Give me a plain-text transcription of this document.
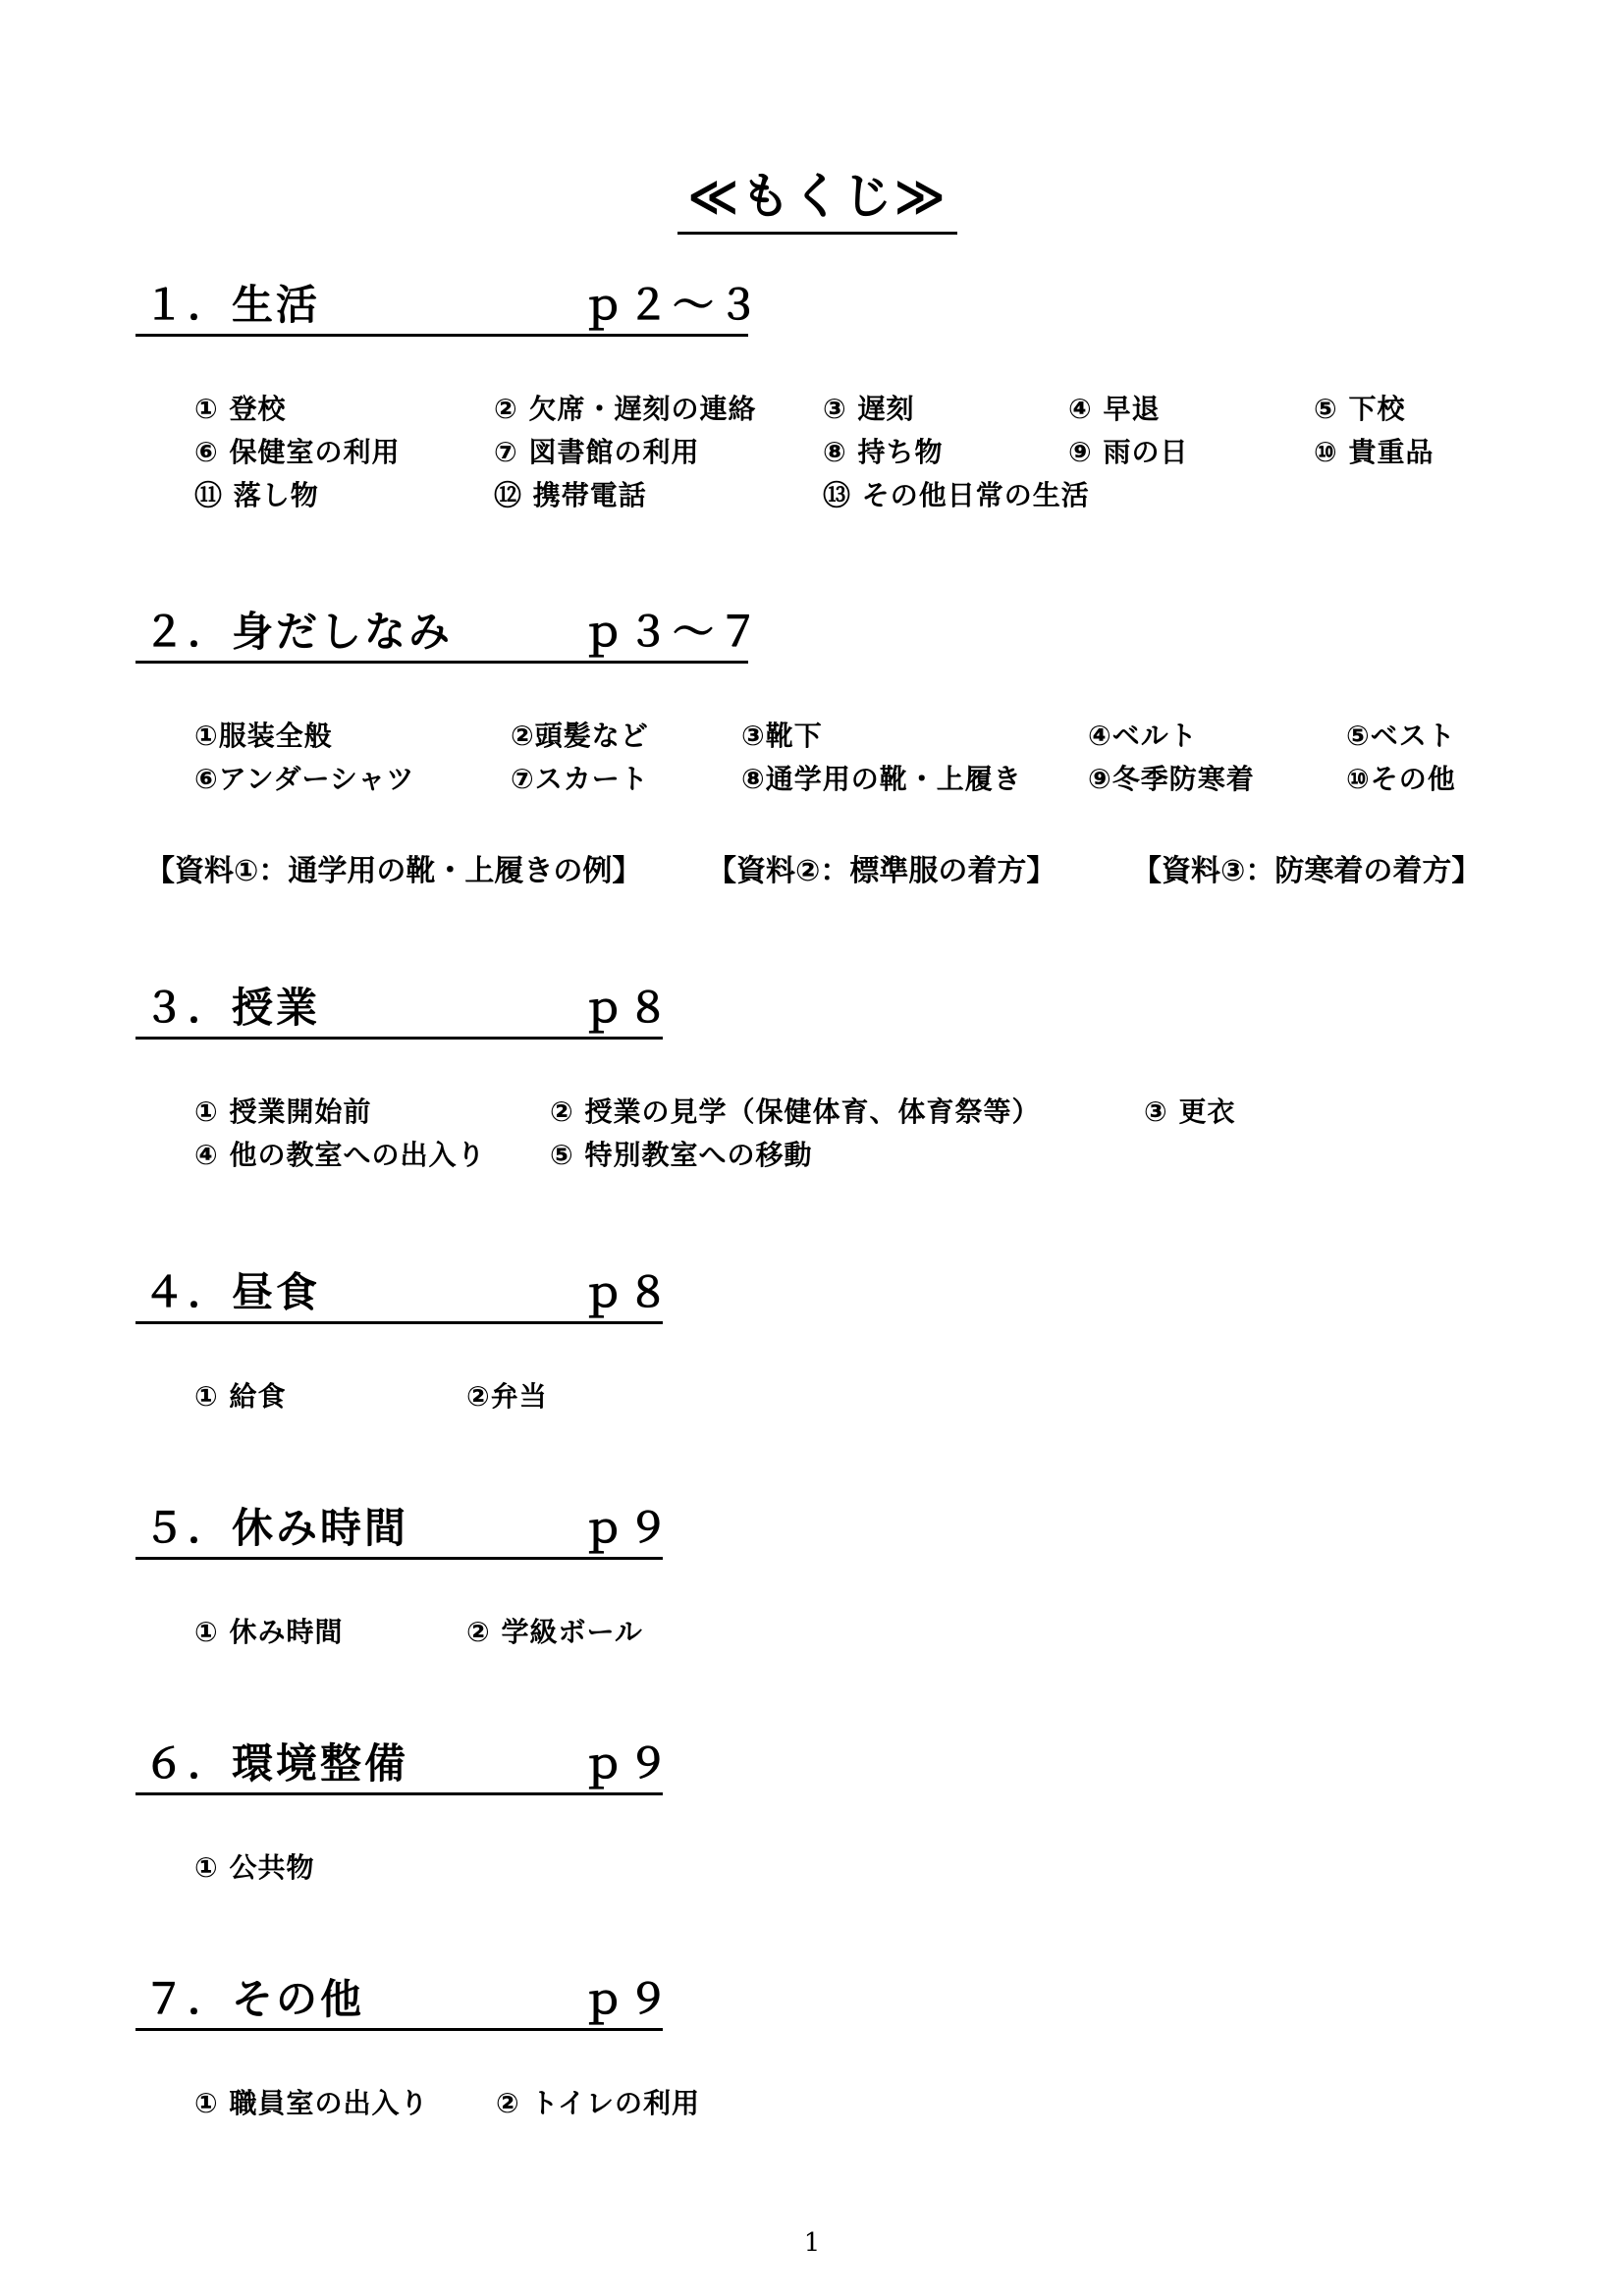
≪もくじ≫
１．生活	ｐ２～３
① 登校	② 欠席・遅刻の連絡 ③ 遅刻	④ 早退	⑤ 下校
⑥ 保健室の利用	⑦ 図書館の利用	⑧ 持ち物	⑨ 雨の日	⑩ 貴重品
⑪ 落し物	⑫ 携帯電話	⑬ その他日常の生活
２．身だしなみ	ｐ３～７
①服装全般	②頭髪など	③靴下	④ベルト	⑤ベスト
⑥アンダーシャツ	⑦スカート	⑧通学用の靴・上履き ⑨冬季防寒着	⑩その他
【資料①：通学用の靴・上履きの例】 【資料②：標準服の着方】	【資料③：防寒着の着方】
３．授業	ｐ８
① 授業開始前	② 授業の見学（保健体育、体育祭等）	③ 更衣
④ 他の教室への出入り ⑤ 特別教室への移動
４．昼食	ｐ８
① 給食	②弁当
５．休み時間	ｐ９
① 休み時間	② 学級ボール
６．環境整備	ｐ９
① 公共物
７．その他	ｐ９
① 職員室の出入り ② トイレの利用
1
